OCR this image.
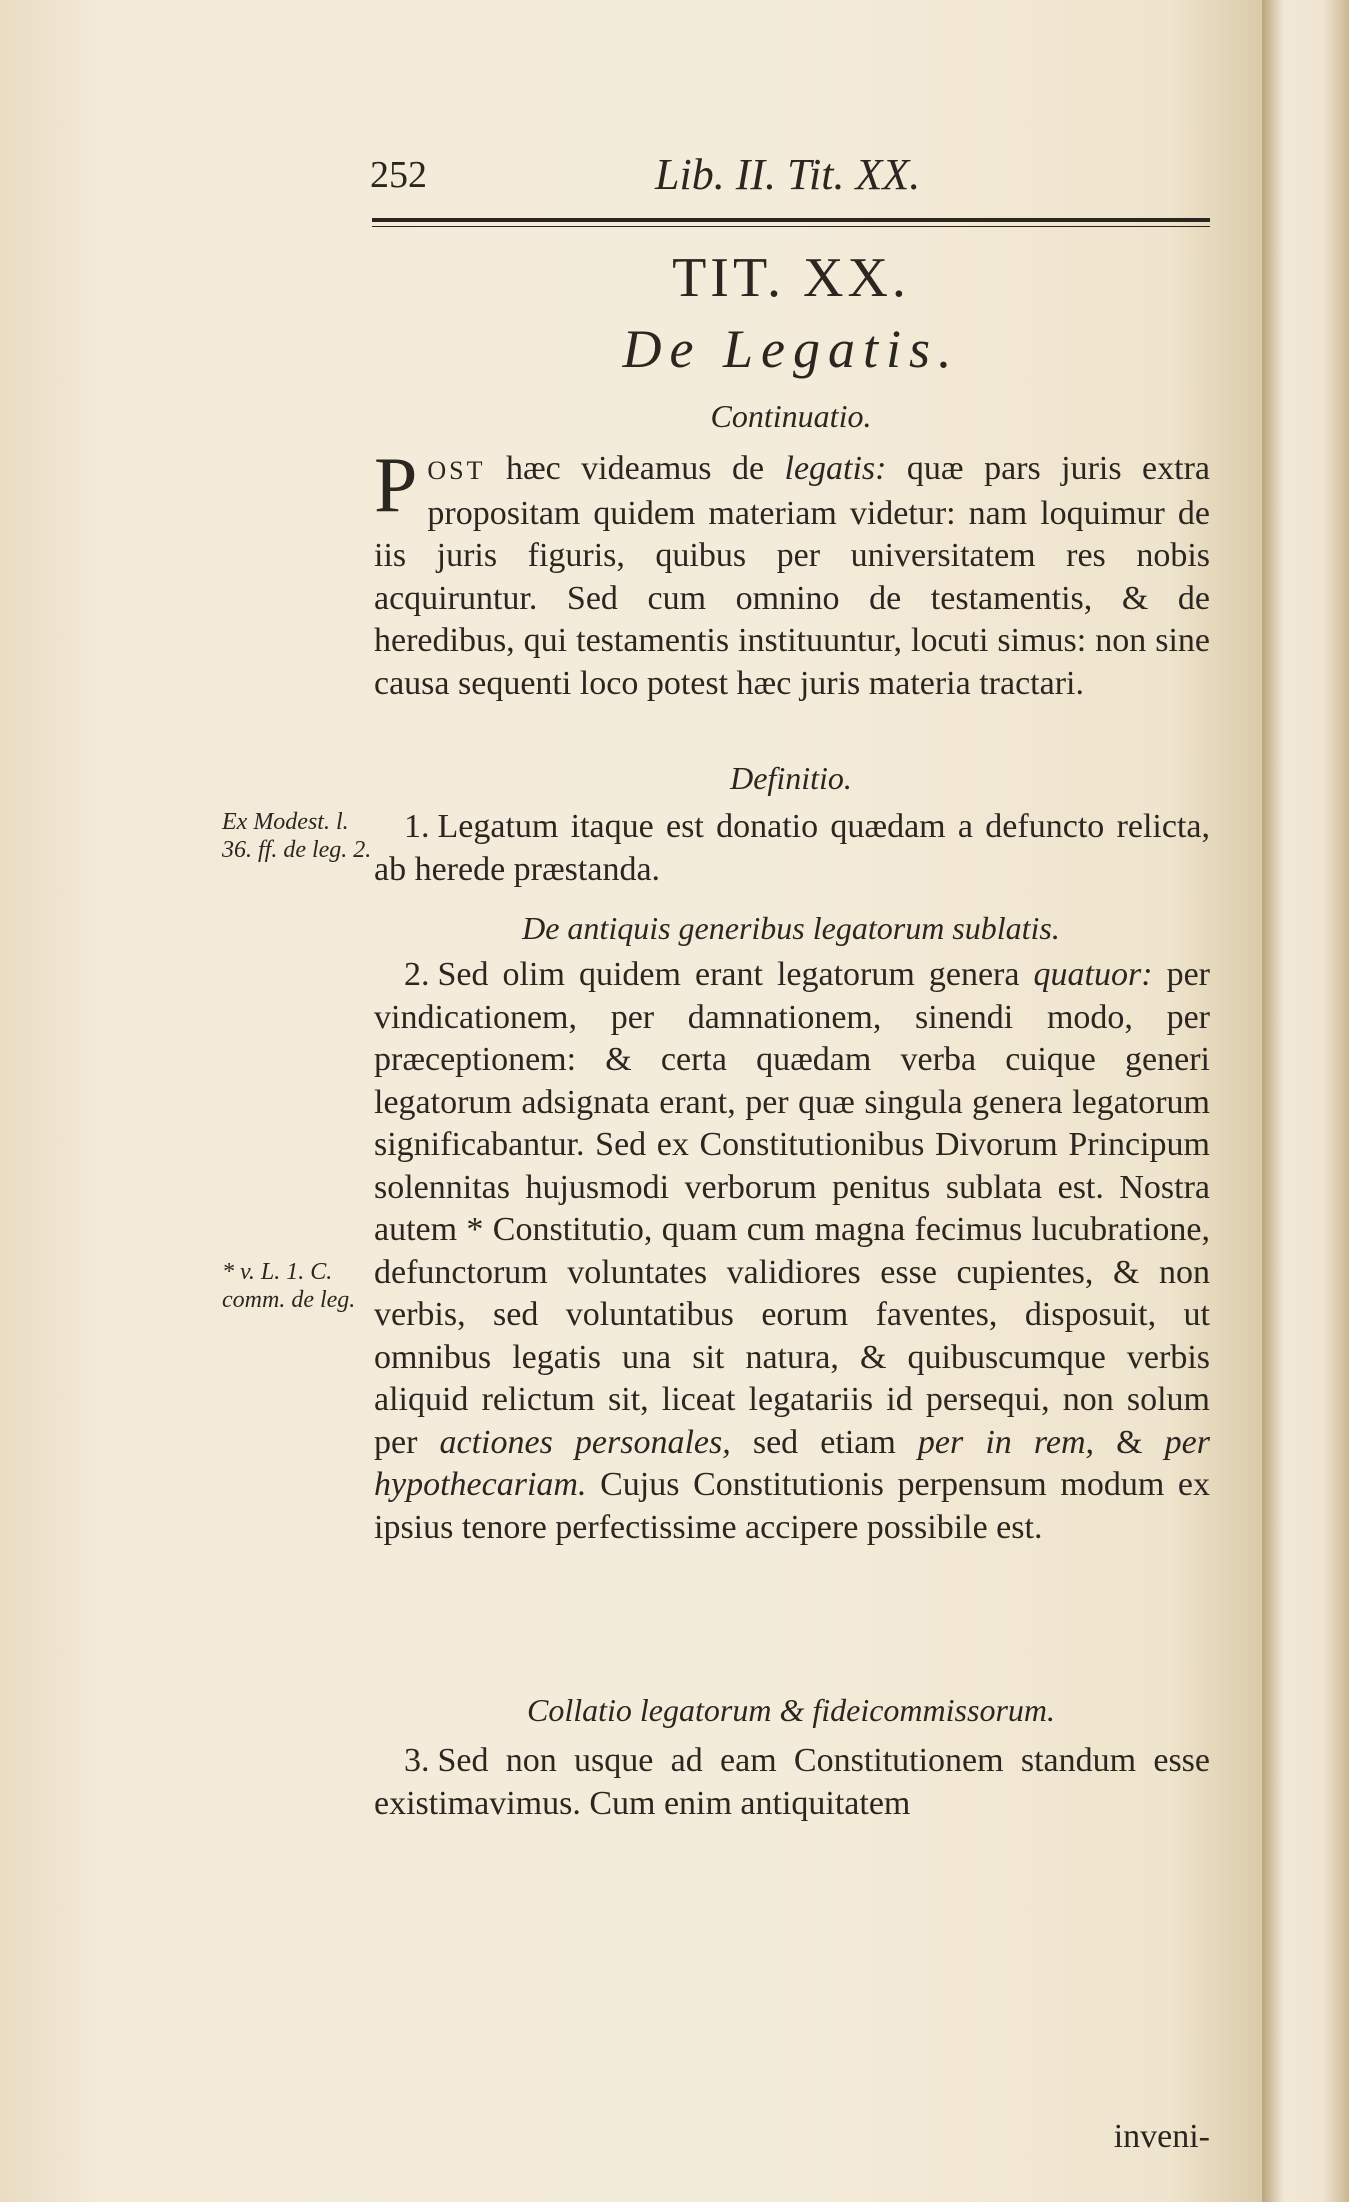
252	Lib. II. Tit. XX.
TIT. XX.
De Legatis.
Continuatio.
POST hæc videamus de legatis: quæ pars juris extra propositam quidem materiam videtur: nam loquimur de iis juris figuris, quibus per universitatem res nobis acquiruntur. Sed cum omnino de testamentis, & de heredibus, qui testamentis instituuntur, locuti simus: non sine causa sequenti loco potest hæc juris materia tractari.
Definitio.
Ex Modest. l. 36. ff. de leg. 2.
1. Legatum itaque est donatio quædam a defuncto relicta, ab herede præstanda.
De antiquis generibus legatorum sublatis.
* v. L. 1. C. comm. de leg.
2. Sed olim quidem erant legatorum genera quatuor: per vindicationem, per damnationem, sinendi modo, per præceptionem: & certa quædam verba cuique generi legatorum adsignata erant, per quæ singula genera legatorum significabantur. Sed ex Constitutionibus Divorum Principum solennitas hujusmodi verborum penitus sublata est. Nostra autem * Constitutio, quam cum magna fecimus lucubratione, defunctorum voluntates validiores esse cupientes, & non verbis, sed voluntatibus eorum faventes, disposuit, ut omnibus legatis una sit natura, & quibuscumque verbis aliquid relictum sit, liceat legatariis id persequi, non solum per actiones personales, sed etiam per in rem, & per hypothecariam. Cujus Constitutionis perpensum modum ex ipsius tenore perfectissime accipere possibile est.
Collatio legatorum & fideicommissorum.
3. Sed non usque ad eam Constitutionem standum esse existimavimus. Cum enim antiquitatem
inveni-
